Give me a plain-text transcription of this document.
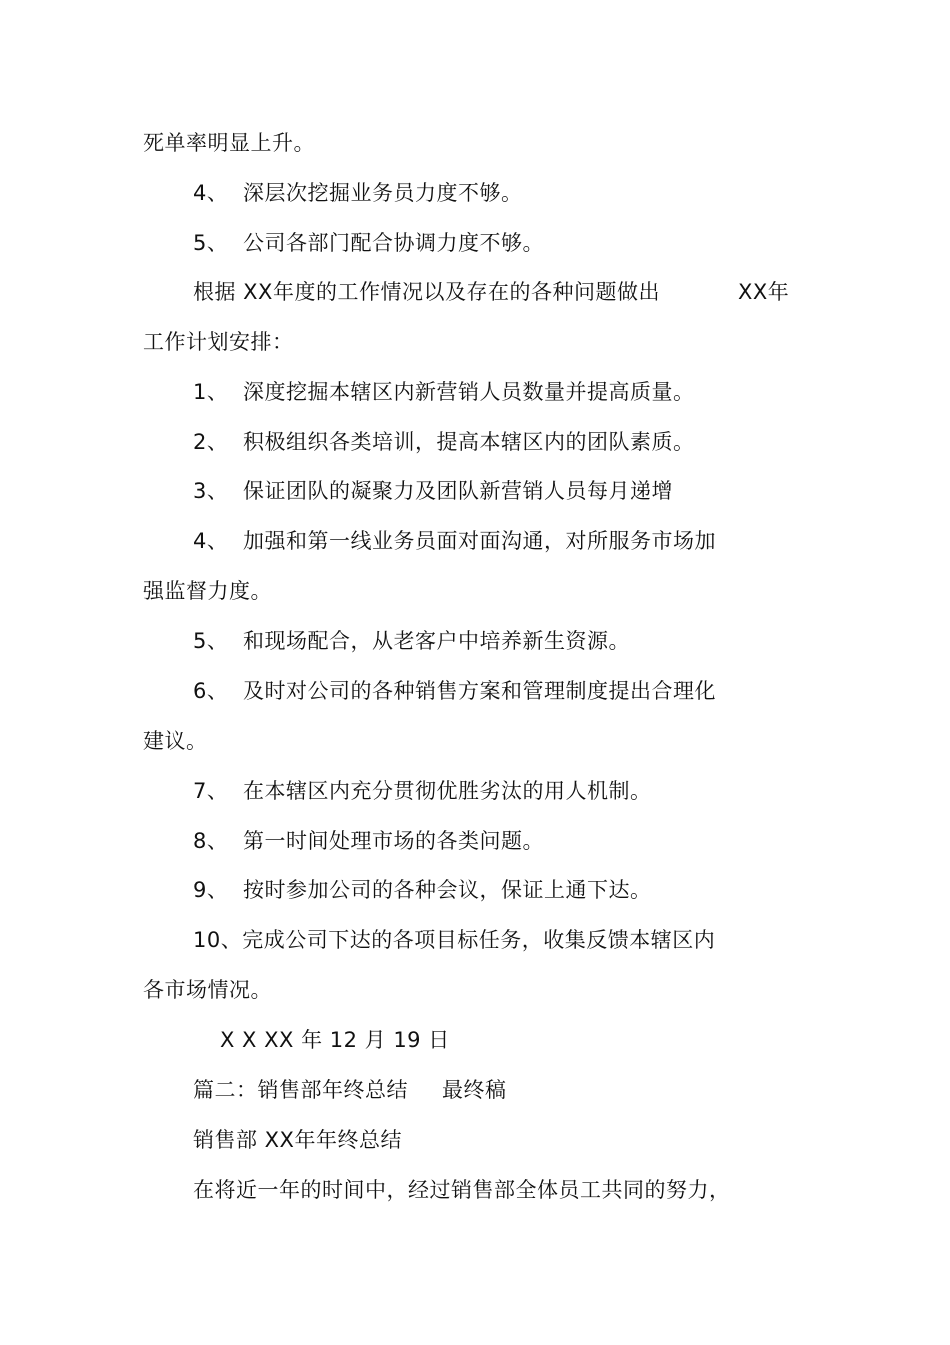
死单率明显上升。
4、 深层次挖掘业务员力度不够。
5、 公司各部门配合协调力度不够。
根据 XX年度的工作情况以及存在的各种问题做出	XX年
工作计划安排：
1、 深度挖掘本辖区内新营销人员数量并提高质量。
2、 积极组织各类培训，提高本辖区内的团队素质。
3、 保证团队的凝聚力及团队新营销人员每月递增
4、 加强和第一线业务员面对面沟通，对所服务市场加
强监督力度。
5、 和现场配合，从老客户中培养新生资源。
6、 及时对公司的各种销售方案和管理制度提出合理化
建议。
7、 在本辖区内充分贯彻优胜劣汰的用人机制。
8、 第一时间处理市场的各类问题。
9、 按时参加公司的各种会议，保证上通下达。
10、完成公司下达的各项目标任务，收集反馈本辖区内
各市场情况。
X X XX 年 12 月 19 日
篇二：销售部年终总结 最终稿
销售部 XX年年终总结
在将近一年的时间中，经过销售部全体员工共同的努力，
